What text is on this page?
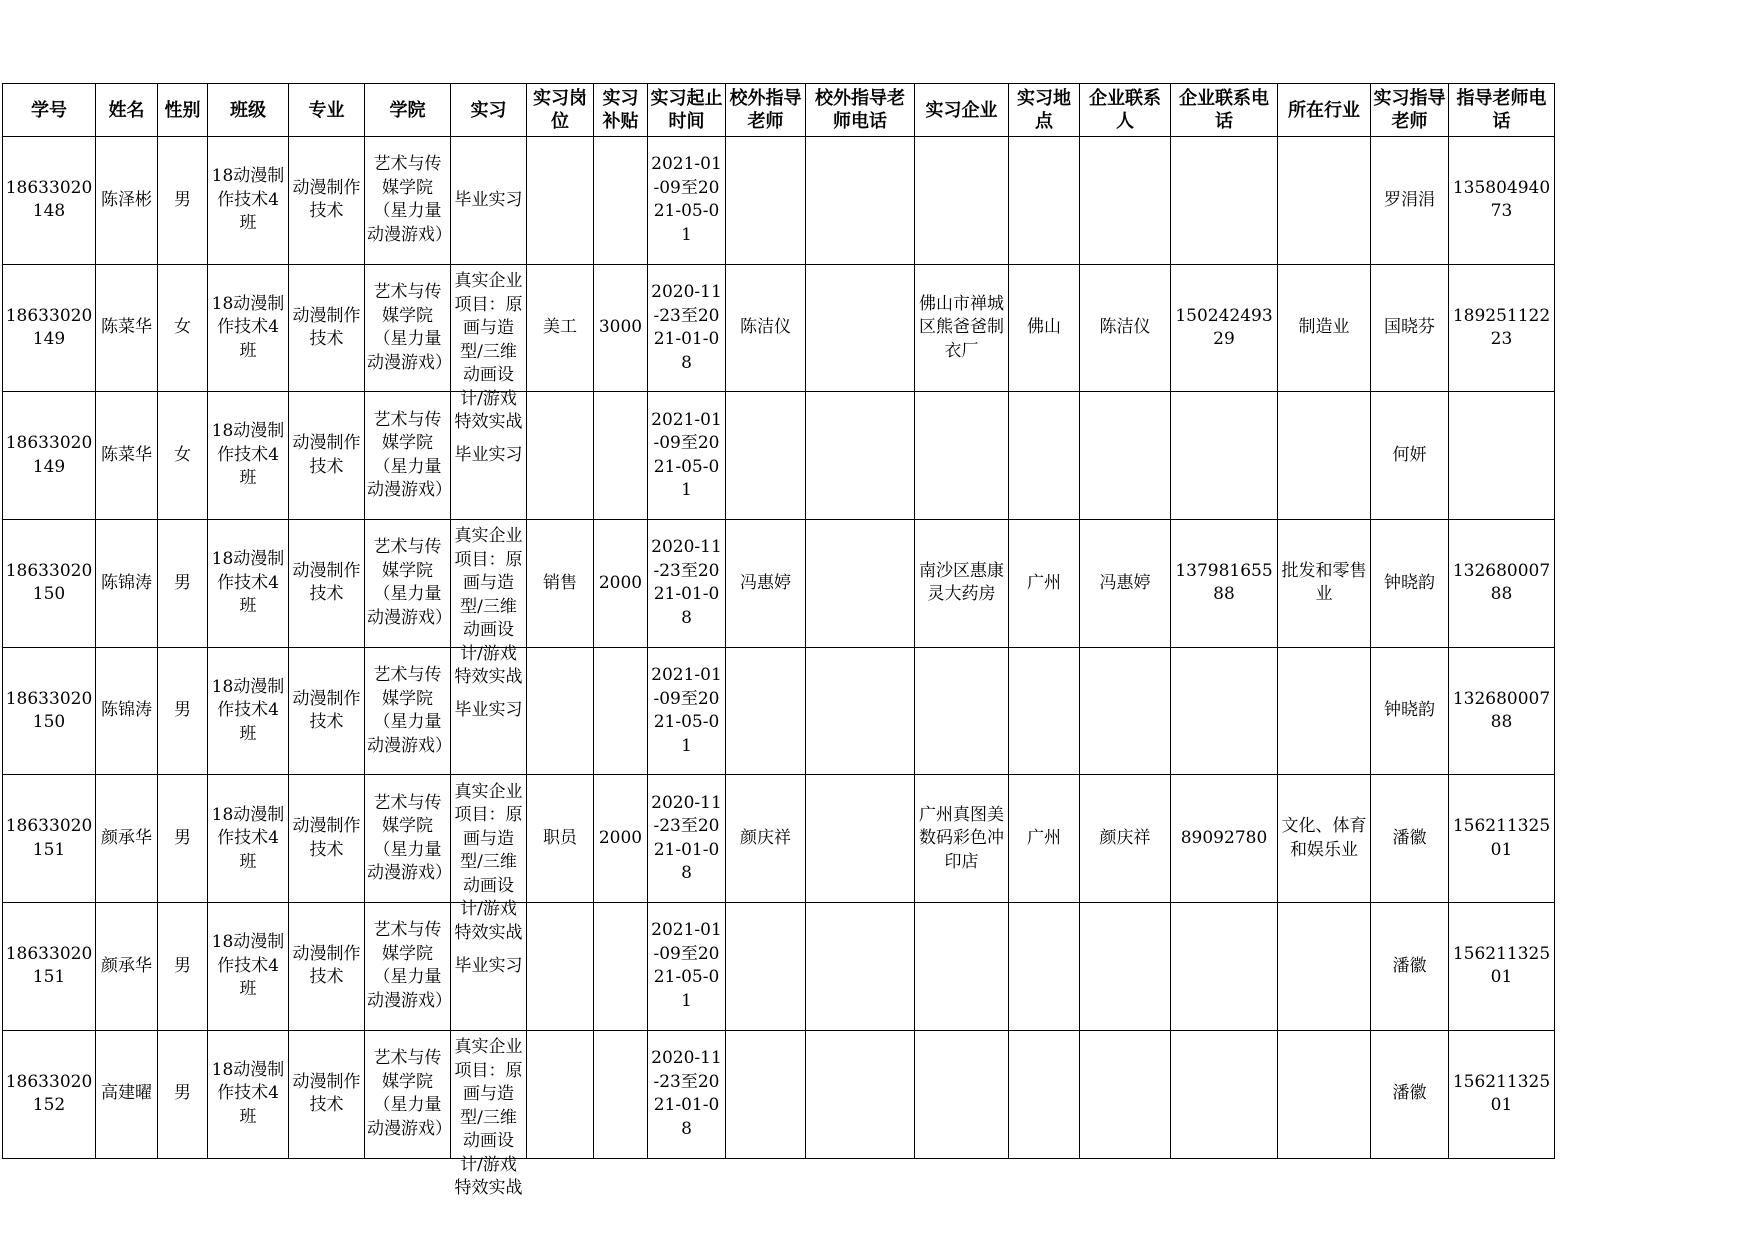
学号	姓名	性别	班级	专业	学院	实习	实习岗位	实习补贴	实习起止时间	校外指导老师	校外指导老师电话	实习企业	实习地点	企业联系人	企业联系电话	所在行业	实习指导老师	指导老师电话

18633020148	陈泽彬	男	18动漫制作技术4班	动漫制作技术	艺术与传媒学院（星力量动漫游戏）	毕业实习			2021-01-09至2021-05-01								罗涓涓	13580494073

18633020149	陈菜华	女	18动漫制作技术4班	动漫制作技术	艺术与传媒学院（星力量动漫游戏）	真实企业项目：原画与造型/三维动画设计/游戏特效实战	美工	3000	2020-11-23至2021-01-08	陈洁仪		佛山市禅城区熊爸爸制衣厂	佛山	陈洁仪	15024249329	制造业	国晓芬	18925112223

18633020149	陈菜华	女	18动漫制作技术4班	动漫制作技术	艺术与传媒学院（星力量动漫游戏）	毕业实习			2021-01-09至2021-05-01								何妍	

18633020150	陈锦涛	男	18动漫制作技术4班	动漫制作技术	艺术与传媒学院（星力量动漫游戏）	真实企业项目：原画与造型/三维动画设计/游戏特效实战	销售	2000	2020-11-23至2021-01-08	冯惠婷		南沙区惠康灵大药房	广州	冯惠婷	13798165588	批发和零售业	钟晓韵	13268000788

18633020150	陈锦涛	男	18动漫制作技术4班	动漫制作技术	艺术与传媒学院（星力量动漫游戏）	毕业实习			2021-01-09至2021-05-01								钟晓韵	13268000788

18633020151	颜承华	男	18动漫制作技术4班	动漫制作技术	艺术与传媒学院（星力量动漫游戏）	真实企业项目：原画与造型/三维动画设计/游戏特效实战	职员	2000	2020-11-23至2021-01-08	颜庆祥		广州真图美数码彩色冲印店	广州	颜庆祥	89092780	文化、体育和娱乐业	潘徽	15621132501

18633020151	颜承华	男	18动漫制作技术4班	动漫制作技术	艺术与传媒学院（星力量动漫游戏）	毕业实习			2021-01-09至2021-05-01								潘徽	15621132501

18633020152	高建曜	男	18动漫制作技术4班	动漫制作技术	艺术与传媒学院（星力量动漫游戏）	真实企业项目：原画与造型/三维动画设计/游戏特效实战			2020-11-23至2021-01-08								潘徽	15621132501
